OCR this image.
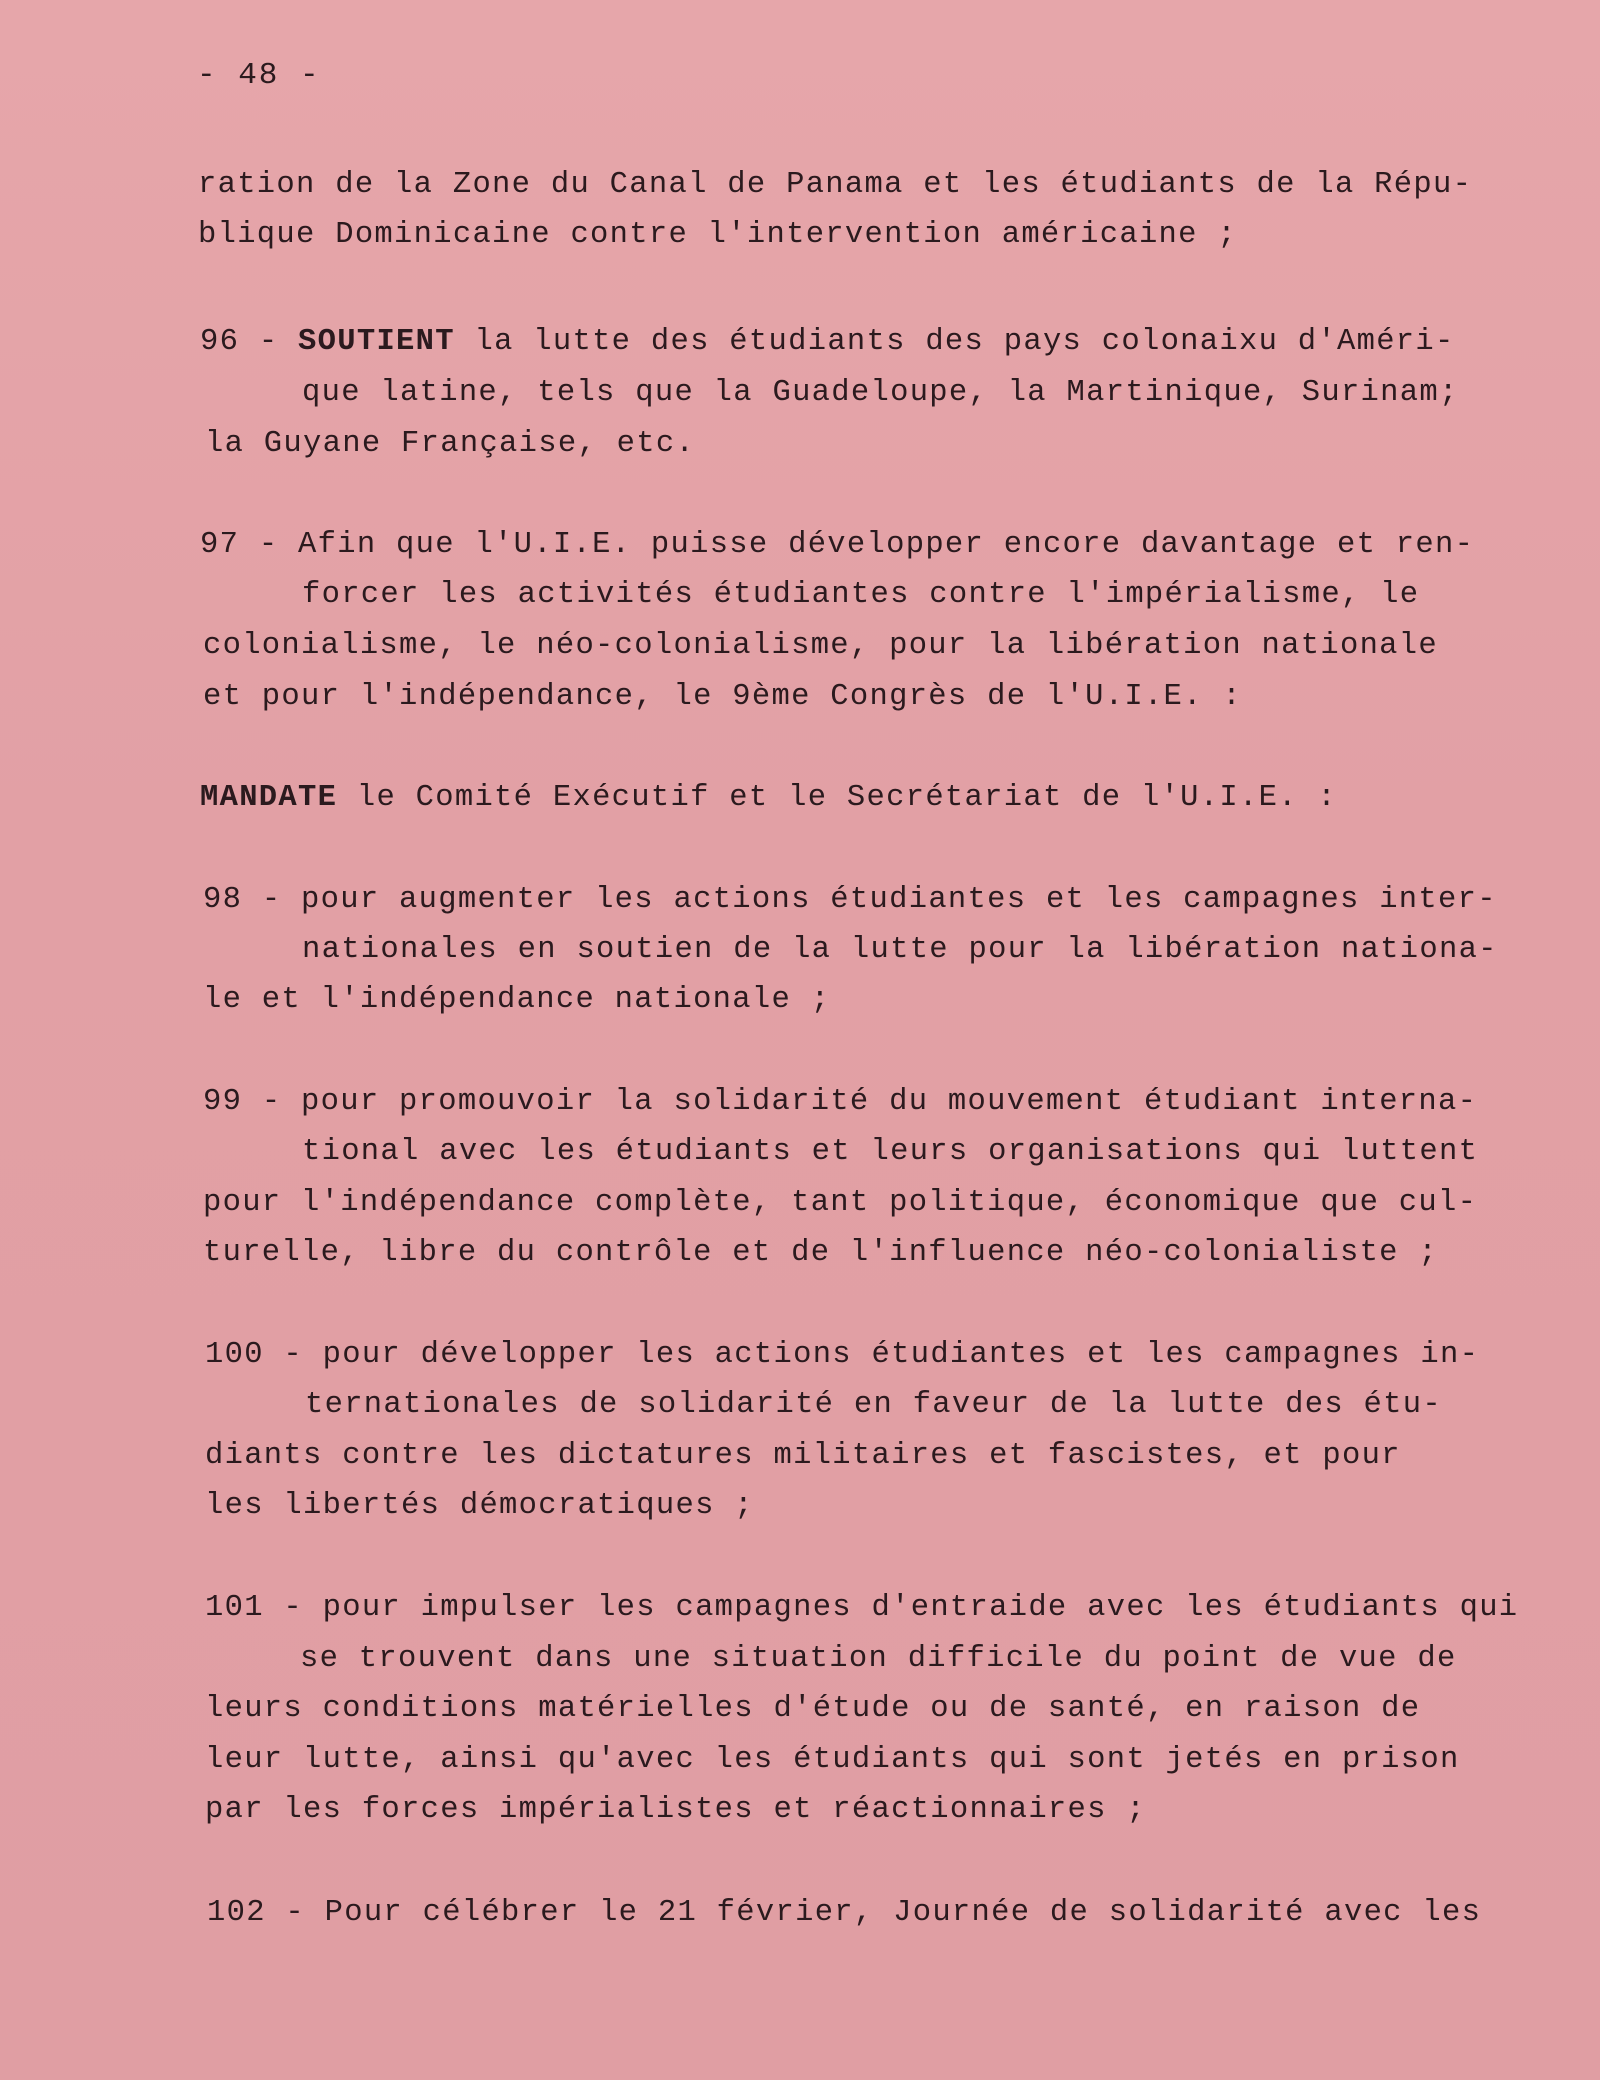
- 48 -
ration de la Zone du Canal de Panama et les étudiants de la Répu-
blique Dominicaine contre l'intervention américaine ;
96 - SOUTIENT la lutte des étudiants des pays colonaixu d'Améri-
que latine, tels que la Guadeloupe, la Martinique, Surinam;
la Guyane Française, etc.
97 - Afin que l'U.I.E. puisse développer encore davantage et ren-
forcer les activités étudiantes contre l'impérialisme, le
colonialisme, le néo-colonialisme, pour la libération nationale
et pour l'indépendance, le 9ème Congrès de l'U.I.E. :
MANDATE le Comité Exécutif et le Secrétariat de l'U.I.E. :
98 - pour augmenter les actions étudiantes et les campagnes inter-
nationales en soutien de la lutte pour la libération nationa-
le et l'indépendance nationale ;
99 - pour promouvoir la solidarité du mouvement étudiant interna-
tional avec les étudiants et leurs organisations qui luttent
pour l'indépendance complète, tant politique, économique que cul-
turelle, libre du contrôle et de l'influence néo-colonialiste ;
100 - pour développer les actions étudiantes et les campagnes in-
ternationales de solidarité en faveur de la lutte des étu-
diants contre les dictatures militaires et fascistes, et pour
les libertés démocratiques ;
101 - pour impulser les campagnes d'entraide avec les étudiants qui
se trouvent dans une situation difficile du point de vue de
leurs conditions matérielles d'étude ou de santé, en raison de
leur lutte, ainsi qu'avec les étudiants qui sont jetés en prison
par les forces impérialistes et réactionnaires ;
102 - Pour célébrer le 21 février, Journée de solidarité avec les
